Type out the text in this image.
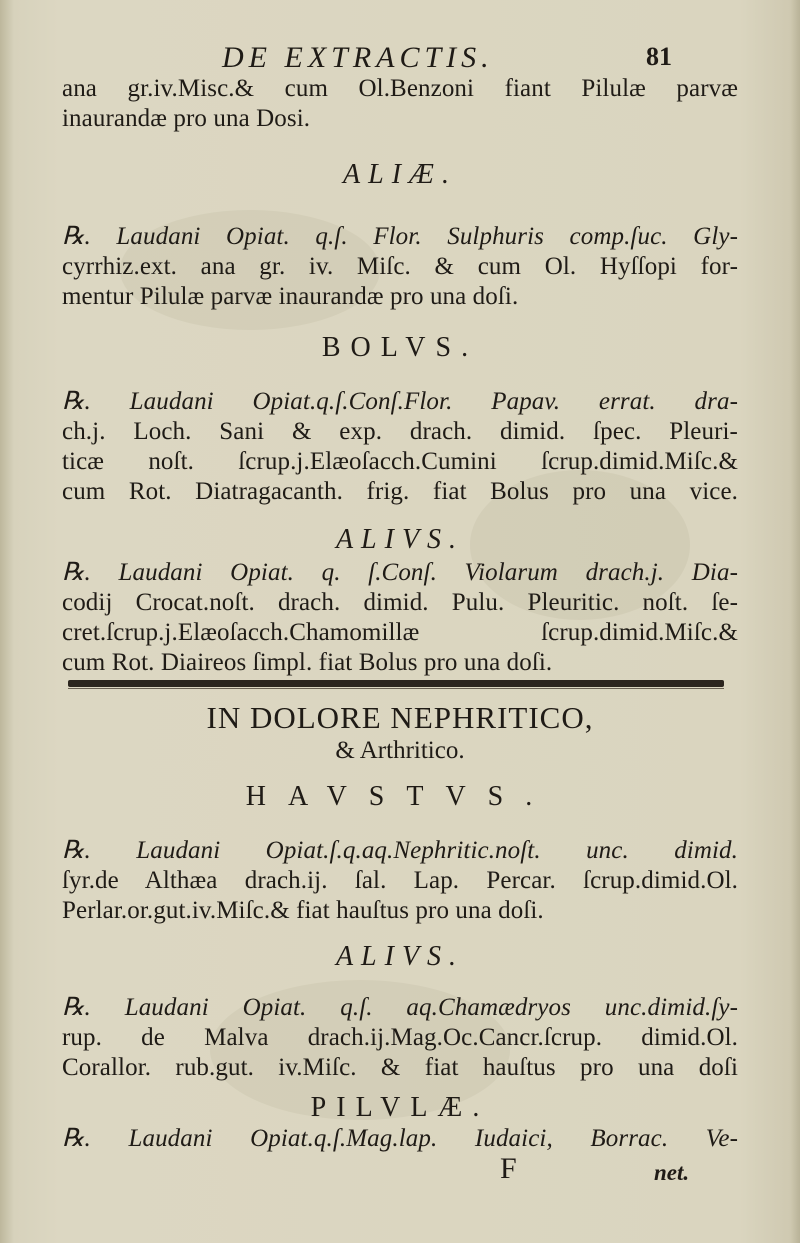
DE EXTRACTIS.	81
ana gr.iv.Misc.& cum Ol.Benzoni fiant Pilulæ parvæ
inaurandæ pro una Dosi.
ALIÆ.
℞. Laudani Opiat. q.ſ. Flor. Sulphuris comp.ſuc. Gly-
cyrrhiz.ext. ana gr. iv. Miſc. & cum Ol. Hyſſopi for-
mentur Pilulæ parvæ inaurandæ pro una doſi.
BOLVS.
℞. Laudani Opiat.q.ſ.Conſ.Flor. Papav. errat. dra-
ch.j. Loch. Sani & exp. drach. dimid. ſpec. Pleuri-
ticæ noſt. ſcrup.j.Elæoſacch.Cumini ſcrup.dimid.Miſc.&
cum Rot. Diatragacanth. frig. fiat Bolus pro una vice.
ALIVS.
℞. Laudani Opiat. q. ſ.Conſ. Violarum drach.j. Dia-
codij Crocat.noſt. drach. dimid. Pulu. Pleuritic. noſt. ſe-
cret.ſcrup.j.Elæoſacch.Chamomillæ ſcrup.dimid.Miſc.&
cum Rot. Diaireos ſimpl. fiat Bolus pro una doſi.
IN DOLORE NEPHRITICO,
& Arthritico.
HAVSTVS.
℞. Laudani Opiat.ſ.q.aq.Nephritic.noſt. unc. dimid.
ſyr.de Althæa drach.ij. ſal. Lap. Percar. ſcrup.dimid.Ol.
Perlar.or.gut.iv.Miſc.& fiat hauſtus pro una doſi.
ALIVS.
℞. Laudani Opiat. q.ſ. aq.Chamædryos unc.dimid.ſy-
rup. de Malva drach.ij.Mag.Oc.Cancr.ſcrup. dimid.Ol.
Corallor. rub.gut. iv.Miſc. & fiat hauſtus pro una doſi
PILVLÆ.
℞. Laudani Opiat.q.ſ.Mag.lap. Iudaici, Borrac. Ve-
F	net.
